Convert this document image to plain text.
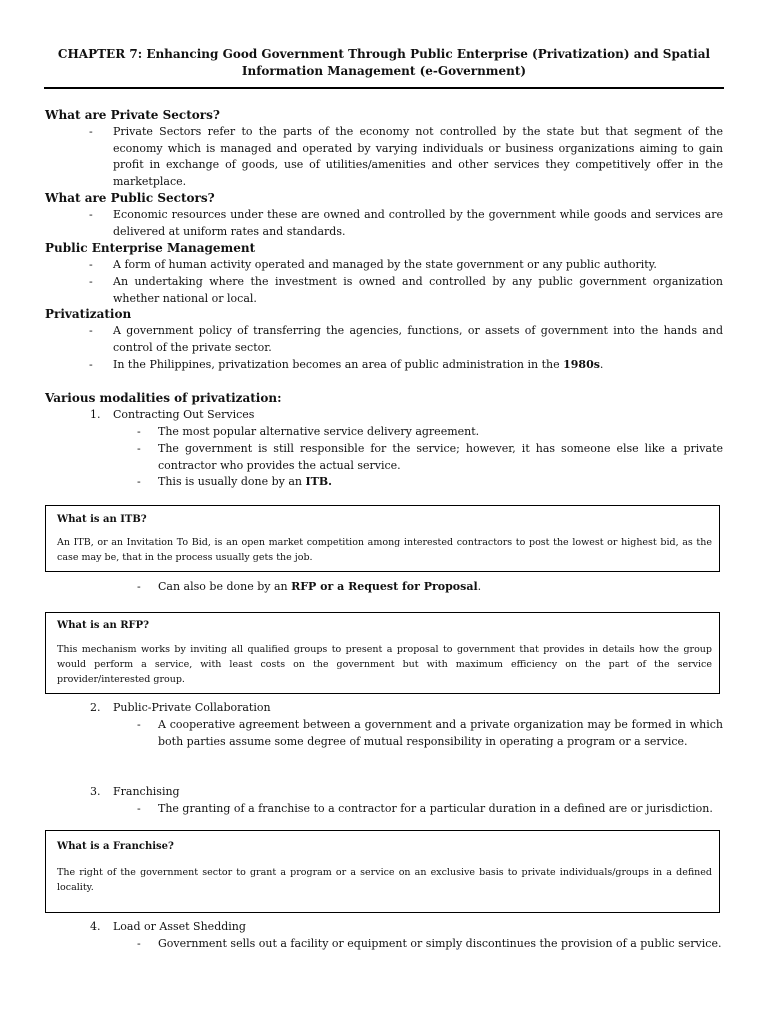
CHAPTER 7: Enhancing Good Government Through Public Enterprise (Privatization) and Spatial Information Management (e-Government)
What are Private Sectors?
- Private Sectors refer to the parts of the economy not controlled by the state but that segment of the economy which is managed and operated by varying individuals or business organizations aiming to gain profit in exchange of goods, use of utilities/amenities and other services they competitively offer in the marketplace.
What are Public Sectors?
- Economic resources under these are owned and controlled by the government while goods and services are delivered at uniform rates and standards.
Public Enterprise Management
- A form of human activity operated and managed by the state government or any public authority.
- An undertaking where the investment is owned and controlled by any public government organization whether national or local.
Privatization
- A government policy of transferring the agencies, functions, or assets of government into the hands and control of the private sector.
- In the Philippines, privatization becomes an area of public administration in the 1980s.
Various modalities of privatization:
1. Contracting Out Services
- The most popular alternative service delivery agreement.
- The government is still responsible for the service; however, it has someone else like a private contractor who provides the actual service.
- This is usually done by an ITB.
What is an ITB?
An ITB, or an Invitation To Bid, is an open market competition among interested contractors to post the lowest or highest bid, as the case may be, that in the process usually gets the job.
- Can also be done by an RFP or a Request for Proposal.
What is an RFP?
This mechanism works by inviting all qualified groups to present a proposal to government that provides in details how the group would perform a service, with least costs on the government but with maximum efficiency on the part of the service provider/interested group.
2. Public-Private Collaboration
- A cooperative agreement between a government and a private organization may be formed in which both parties assume some degree of mutual responsibility in operating a program or a service.
3. Franchising
- The granting of a franchise to a contractor for a particular duration in a defined are or jurisdiction.
What is a Franchise?
The right of the government sector to grant a program or a service on an exclusive basis to private individuals/groups in a defined locality.
4. Load or Asset Shedding
- Government sells out a facility or equipment or simply discontinues the provision of a public service.
